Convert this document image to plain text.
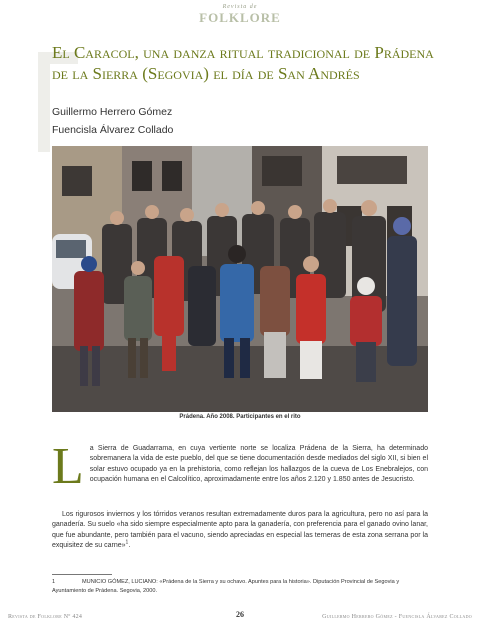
Revista de
FOLKLORE
El Caracol, una danza ritual tradicional de Prádena de la Sierra (Segovia) el día de San Andrés
Guillermo Herrero Gómez
Fuencisla Álvarez Collado
Prádena. Año 2008. Participantes en el rito

La Sierra de Guadarrama, en cuya vertiente norte se localiza Prádena de la Sierra, ha determinado sobremanera la vida de este pueblo, del que se tiene documentación desde mediados del siglo XII, si bien el solar estuvo ocupado ya en la prehistoria, como reflejan los hallazgos de la cueva de Los Enebralejos, con ocupación humana en el Calcolítico, aproximadamente entre los años 2.120 y 1.850 antes de Jesucristo.

Los rigurosos inviernos y los tórridos veranos resultan extremadamente duros para la agricultura, pero no así para la ganadería. Su suelo «ha sido siempre especialmente apto para la ganadería, con preferencia para el ganado ovino lanar, que fue abundante, pero también para el vacuno, siendo apreciadas en especial las terneras de esta zona serrana por la exquisitez de su carne»$^1$.

1	MUNICIO GÓMEZ, LUCIANO: «Prádena de la Sierra y su ochavo. Apuntes para la historia». Diputación Provincial de Segovia y Ayuntamiento de Prádena. Segovia, 2000.
Revista de Folklore Nº 424	26	Guillermo Herrero Gómez - Fuencisla Álvarez Collado
